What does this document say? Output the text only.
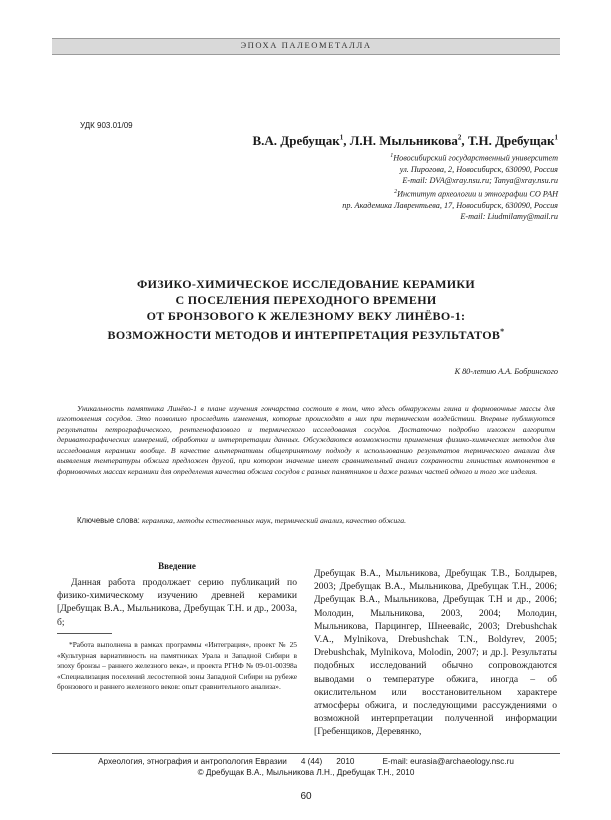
ЭПОХА ПАЛЕОМЕТАЛЛА
УДК 903.01/09
В.А. Дребущак$^1$, Л.Н. Мыльникова$^2$, Т.Н. Дребущак$^1$
$^1$Новосибирский государственный университет
ул. Пирогова, 2, Новосибирск, 630090, Россия
E-mail: DVA@xray.nsu.ru; Tanya@xray.nsu.ru
$^2$Институт археологии и этнографии СО РАН
пр. Академика Лаврентьева, 17, Новосибирск, 630090, Россия
E-mail: Liudmilamy@mail.ru
ФИЗИКО-ХИМИЧЕСКОЕ ИССЛЕДОВАНИЕ КЕРАМИКИ
С ПОСЕЛЕНИЯ ПЕРЕХОДНОГО ВРЕМЕНИ
ОТ БРОНЗОВОГО К ЖЕЛЕЗНОМУ ВЕКУ ЛИНЁВО-1:
ВОЗМОЖНОСТИ МЕТОДОВ И ИНТЕРПРЕТАЦИЯ РЕЗУЛЬТАТОВ*
К 80-летию А.А. Бобринского
Уникальность памятника Линёво-1 в плане изучения гончарства состоит в том, что здесь обнаружены глина и формовочные массы для изготовления сосудов. Это позволило проследить изменения, которые происходят в них при термическом воздействии. Впервые публикуются результаты петрографического, рентгенофазового и термического исследования сосудов. Достаточно подробно изложен алгоритм дериватографических измерений, обработки и интерпретации данных. Обсуждаются возможности применения физико-химических методов для исследования керамики вообще. В качестве альтернативы общепринятому подходу к использованию результатов термического анализа для выявления температуры обжига предложен другой, при котором значение имеет сравнительный анализ сохранности глинистых компонентов в формовочных массах керамики для определения качества обжига сосудов с разных памятников и даже разных частей одного и того же изделия.
Ключевые слова: керамика, методы естественных наук, термический анализ, качество обжига.
Введение
Данная работа продолжает серию публикаций по физико-химическому изучению древней керамики [Дребущак В.А., Мыльникова, Дребущак Т.Н. и др., 2003а, б;
*Работа выполнена в рамках программы «Интеграция», проект № 25 «Культурная вариативность на памятниках Урала и Западной Сибири в эпоху бронзы – раннего железного века», и проекта РГНФ № 09-01-00398а «Специализация поселений лесостепной зоны Западной Сибири на рубеже бронзового и раннего железного веков: опыт сравнительного анализа».
Дребущак В.А., Мыльникова, Дребущак Т.В., Болдырев, 2003; Дребущак В.А., Мыльникова, Дребущак Т.Н., 2006; Дребущак В.А., Мыльникова, Дребущак Т.Н и др., 2006; Молодин, Мыльникова, 2003, 2004; Молодин, Мыльникова, Парцингер, Шнеевайс, 2003; Drebushchak V.A., Mylnikova, Drebushchak T.N., Boldyrev, 2005; Drebushchak, Mylnikova, Molodin, 2007; и др.]. Результаты подобных исследований обычно сопровождаются выводами о температуре обжига, иногда – об окислительном или восстановительном характере атмосферы обжига, и последующими рассуждениями о возможной интерпретации полученной информации [Гребенщиков, Деревянко,
Археология, этнография и антропология Евразии 4 (44) 2010	E-mail: eurasia@archaeology.nsc.ru
© Дребущак В.А., Мыльникова Л.Н., Дребущак Т.Н., 2010
60
